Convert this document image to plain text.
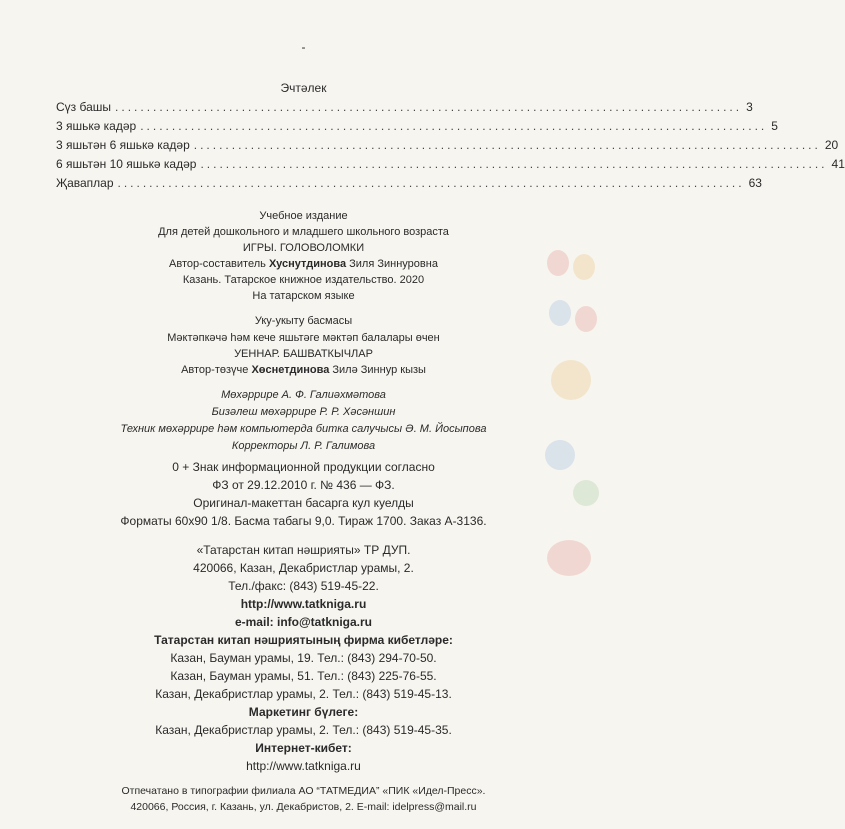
-
Эчтәлек
Сүз башы ................................................................................................... 3
3 яшькә кадәр ................................................................................................... 5
3 яшьтән 6 яшькә кадәр ................................................................................................... 20
6 яшьтән 10 яшькә кадәр ................................................................................................... 41
Җаваплар ................................................................................................... 63
Учебное издание
Для детей дошкольного и младшего школьного возраста
ИГРЫ. ГОЛОВОЛОМКИ
Автор-составитель Хуснутдинова Зиля Зиннуровна
Казань. Татарское книжное издательство. 2020
На татарском языке
Уку-укыту басмасы
Мәктәпкәчә һәм кече яшьтәге мәктәп балалары өчен
УЕННАР. БАШВАТКЫЧЛАР
Автор-төзүче Хөснетдинова Зилә Зиннур кызы
Мөхәррире А. Ф. Галиәхмәтова
Бизәлеш мөхәррире Р. Р. Хәсәншин
Техник мөхәррире һәм компьютерда битка салучысы Ә. М. Йосыпова
Корректоры Л. Р. Галимова
0 + Знак информационной продукции согласно
ФЗ от 29.12.2010 г. № 436 — ФЗ.
Оригинал-макеттан басарга кул куелды
Форматы 60х90 1/8. Басма табагы 9,0. Тираж 1700. Заказ А-3136.
«Татарстан китап нәшрияты» ТР ДУП.
420066, Казан, Декабристлар урамы, 2.
Тел./факс: (843) 519-45-22.
http://www.tatkniga.ru
e-mail: info@tatkniga.ru
Татарстан китап нәшриятының фирма кибетләре:
Казан, Бауман урамы, 19. Тел.: (843) 294-70-50.
Казан, Бауман урамы, 51. Тел.: (843) 225-76-55.
Казан, Декабристлар урамы, 2. Тел.: (843) 519-45-13.
Маркетинг бүлеге:
Казан, Декабристлар урамы, 2. Тел.: (843) 519-45-35.
Интернет-кибет:
http://www.tatkniga.ru
Отпечатано в типографии филиала АО “ТАТМЕДИА” «ПИК «Идел-Пресс».
420066, Россия, г. Казань, ул. Декабристов, 2. E-mail: idelpress@mail.ru
